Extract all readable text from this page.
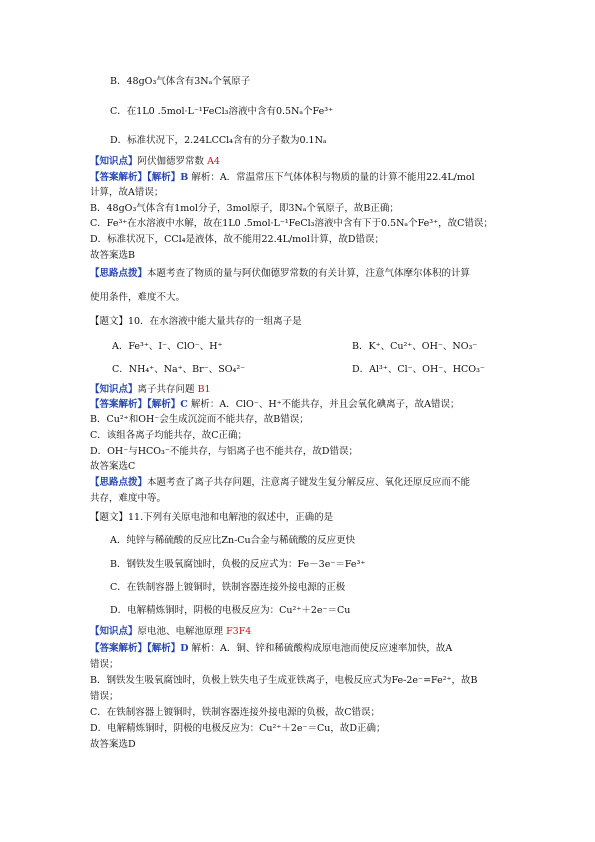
B．48gO₃气体含有3Nₐ个氧原子
C．在1L0 .5mol·L⁻¹FeCl₃溶液中含有0.5Nₐ个Fe³⁺
D．标准状况下，2.24LCCl₄含有的分子数为0.1Nₐ
【知识点】阿伏伽德罗常数 A4
【答案解析】【解析】B 解析：A．常温常压下气体体积与物质的量的计算不能用22.4L/mol
计算，故A错误；
B．48gO₃气体含有1mol分子，3mol原子，即3Nₐ个氧原子，故B正确；
C．Fe³⁺在水溶液中水解，故在1L0 .5mol·L⁻¹FeCl₃溶液中含有下于0.5Nₐ个Fe³⁺，故C错误；
D．标准状况下，CCl₄是液体，故不能用22.4L/mol计算，故D错误；
故答案选B
【思路点拨】本题考查了物质的量与阿伏伽德罗常数的有关计算，注意气体摩尔体积的计算
使用条件，难度不大。
【题文】10．在水溶液中能大量共存的一组离子是
A．Fe³⁺、I⁻、ClO⁻、H⁺	B．K⁺、Cu²⁺、OH⁻、NO₃⁻
C．NH₄⁺、Na⁺、Br⁻、SO₄²⁻	D．Al³⁺、Cl⁻、OH⁻、HCO₃⁻
【知识点】离子共存问题 B1
【答案解析】【解析】C 解析：A．ClO⁻、H⁺不能共存，并且会氧化碘离子，故A错误；
B．Cu²⁺和OH⁻会生成沉淀而不能共存，故B错误；
C．该组各离子均能共存，故C正确；
D．OH⁻与HCO₃⁻不能共存，与铝离子也不能共存，故D错误；
故答案选C
【思路点拨】本题考查了离子共存问题，注意离子键发生复分解反应、氧化还原反应而不能
共存，难度中等。
【题文】11.下列有关原电池和电解池的叙述中，正确的是
A．纯锌与稀硫酸的反应比Zn-Cu合金与稀硫酸的反应更快
B．钢铁发生吸氧腐蚀时，负极的反应式为：Fe－3e⁻＝Fe³⁺
C．在铁制容器上镀铜时，铁制容器连接外接电源的正极
D．电解精炼铜时，阴极的电极反应为：Cu²⁺＋2e⁻＝Cu
【知识点】原电池、电解池原理 F3F4
【答案解析】【解析】D 解析：A．铜、锌和稀硫酸构成原电池而使反应速率加快，故A
错误；
B．钢铁发生吸氧腐蚀时，负极上铁失电子生成亚铁离子，电极反应式为Fe-2e⁻=Fe²⁺，故B
错误；
C．在铁制容器上镀铜时，铁制容器连接外接电源的负极，故C错误；
D．电解精炼铜时，阴极的电极反应为：Cu²⁺＋2e⁻＝Cu，故D正确；
故答案选D
